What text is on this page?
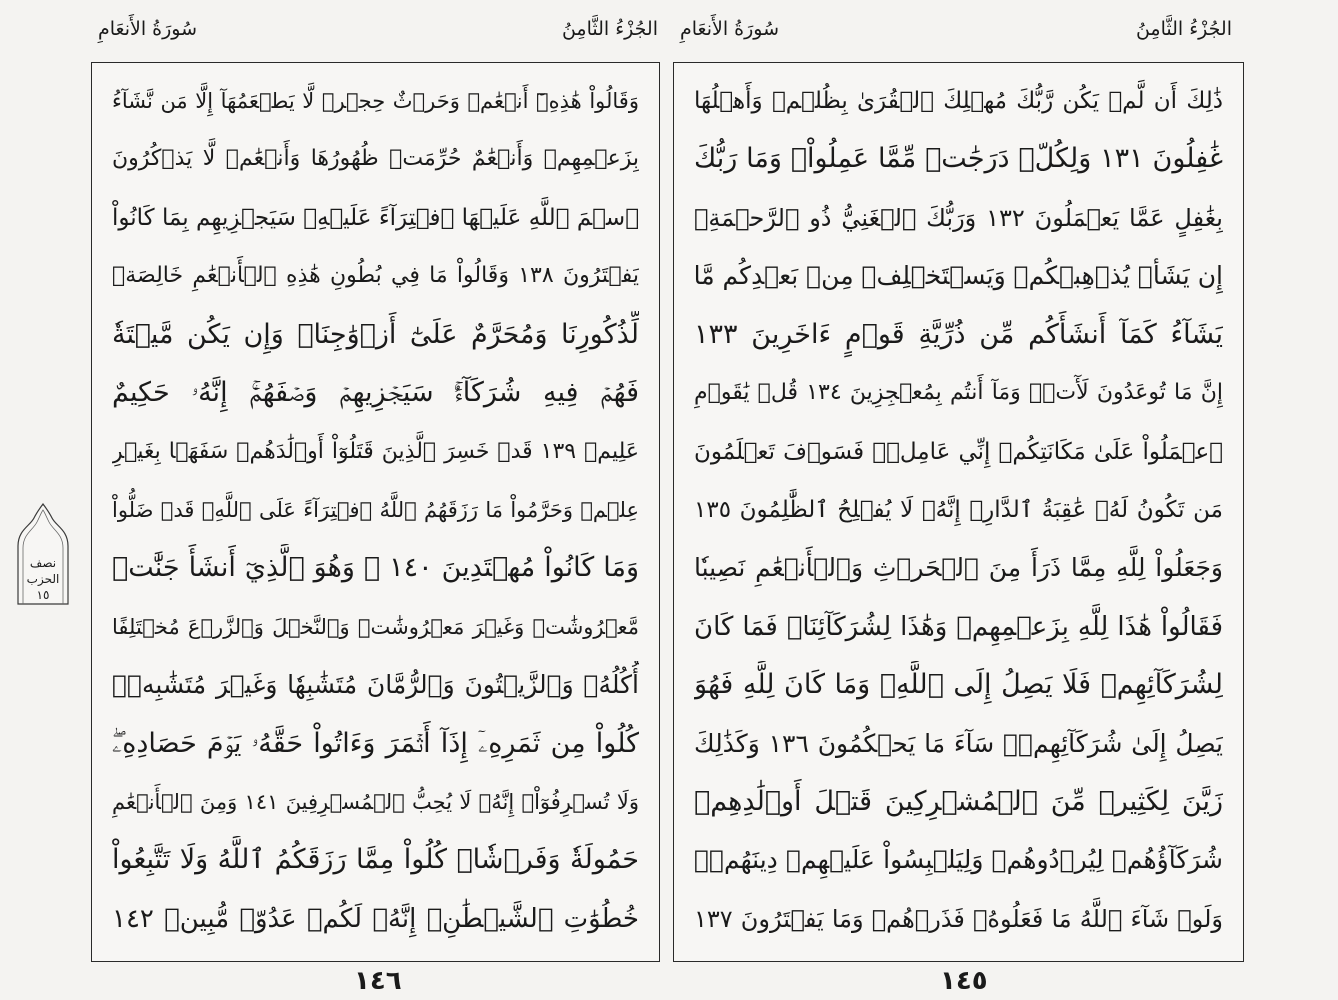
سُورَةُ الأَنعَامِ	الجُزْءُ الثَّامِنُ سُورَةُ الأَنعَامِ	الجُزْءُ الثَّامِنُ
وَقَالُواْ هَٰذِهِۦٓ أَنۡعَٰمٞ وَحَرۡثٌ حِجۡرٞ لَّا يَطۡعَمُهَآ إِلَّا مَن نَّشَآءُ
بِزَعۡمِهِمۡ وَأَنۡعَٰمٌ حُرِّمَتۡ ظُهُورُهَا وَأَنۡعَٰمٞ لَّا يَذۡكُرُونَ
ٱسۡمَ ٱللَّهِ عَلَيۡهَا ٱفۡتِرَآءً عَلَيۡهِۚ سَيَجۡزِيهِم بِمَا كَانُواْ
يَفۡتَرُونَ ١٣٨ وَقَالُواْ مَا فِي بُطُونِ هَٰذِهِ ٱلۡأَنۡعَٰمِ خَالِصَةٞ
لِّذُكُورِنَا وَمُحَرَّمٌ عَلَىٰٓ أَزۡوَٰجِنَاۖ وَإِن يَكُن مَّيۡتَةٗ
فَهُمۡ فِيهِ شُرَكَآءُۚ سَيَجۡزِيهِمۡ وَصۡفَهُمۡۚ إِنَّهُۥ حَكِيمٌ
عَلِيمٞ ١٣٩ قَدۡ خَسِرَ ٱلَّذِينَ قَتَلُوٓاْ أَوۡلَٰدَهُمۡ سَفَهَۢا بِغَيۡرِ
عِلۡمٖ وَحَرَّمُواْ مَا رَزَقَهُمُ ٱللَّهُ ٱفۡتِرَآءً عَلَى ٱللَّهِۚ قَدۡ ضَلُّواْ
وَمَا كَانُواْ مُهۡتَدِينَ ١٤٠ ۞ وَهُوَ ٱلَّذِيٓ أَنشَأَ جَنَّٰتٖ
مَّعۡرُوشَٰتٖ وَغَيۡرَ مَعۡرُوشَٰتٖ وَٱلنَّخۡلَ وَٱلزَّرۡعَ مُخۡتَلِفًا
أُكُلُهُۥ وَٱلزَّيۡتُونَ وَٱلرُّمَّانَ مُتَشَٰبِهٗا وَغَيۡرَ مُتَشَٰبِهٖۚ
كُلُواْ مِن ثَمَرِهِۦٓ إِذَآ أَثۡمَرَ وَءَاتُواْ حَقَّهُۥ يَوۡمَ حَصَادِهِۦۖ
وَلَا تُسۡرِفُوٓاْۚ إِنَّهُۥ لَا يُحِبُّ ٱلۡمُسۡرِفِينَ ١٤١ وَمِنَ ٱلۡأَنۡعَٰمِ
حَمُولَةٗ وَفَرۡشٗاۚ كُلُواْ مِمَّا رَزَقَكُمُ ٱللَّهُ وَلَا تَتَّبِعُواْ
خُطُوَٰتِ ٱلشَّيۡطَٰنِۚ إِنَّهُۥ لَكُمۡ عَدُوّٞ مُّبِينٞ ١٤٢
ذَٰلِكَ أَن لَّمۡ يَكُن رَّبُّكَ مُهۡلِكَ ٱلۡقُرَىٰ بِظُلۡمٖ وَأَهۡلُهَا
غَٰفِلُونَ ١٣١ وَلِكُلّٖ دَرَجَٰتٞ مِّمَّا عَمِلُواْۚ وَمَا رَبُّكَ
بِغَٰفِلٍ عَمَّا يَعۡمَلُونَ ١٣٢ وَرَبُّكَ ٱلۡغَنِيُّ ذُو ٱلرَّحۡمَةِۚ
إِن يَشَأۡ يُذۡهِبۡكُمۡ وَيَسۡتَخۡلِفۡ مِنۢ بَعۡدِكُم مَّا
يَشَآءُ كَمَآ أَنشَأَكُم مِّن ذُرِّيَّةِ قَوۡمٍ ءَاخَرِينَ ١٣٣
إِنَّ مَا تُوعَدُونَ لَأٓتٖۖ وَمَآ أَنتُم بِمُعۡجِزِينَ ١٣٤ قُلۡ يَٰقَوۡمِ
ٱعۡمَلُواْ عَلَىٰ مَكَانَتِكُمۡ إِنِّي عَامِلٞۖ فَسَوۡفَ تَعۡلَمُونَ
مَن تَكُونُ لَهُۥ عَٰقِبَةُ ٱلدَّارِۚ إِنَّهُۥ لَا يُفۡلِحُ ٱلظَّٰلِمُونَ ١٣٥
وَجَعَلُواْ لِلَّهِ مِمَّا ذَرَأَ مِنَ ٱلۡحَرۡثِ وَٱلۡأَنۡعَٰمِ نَصِيبٗا
فَقَالُواْ هَٰذَا لِلَّهِ بِزَعۡمِهِمۡ وَهَٰذَا لِشُرَكَآئِنَاۖ فَمَا كَانَ
لِشُرَكَآئِهِمۡ فَلَا يَصِلُ إِلَى ٱللَّهِۖ وَمَا كَانَ لِلَّهِ فَهُوَ
يَصِلُ إِلَىٰ شُرَكَآئِهِمۡۗ سَآءَ مَا يَحۡكُمُونَ ١٣٦ وَكَذَٰلِكَ
زَيَّنَ لِكَثِيرٖ مِّنَ ٱلۡمُشۡرِكِينَ قَتۡلَ أَوۡلَٰدِهِمۡ
شُرَكَآؤُهُمۡ لِيُرۡدُوهُمۡ وَلِيَلۡبِسُواْ عَلَيۡهِمۡ دِينَهُمۡۖ
وَلَوۡ شَآءَ ٱللَّهُ مَا فَعَلُوهُۖ فَذَرۡهُمۡ وَمَا يَفۡتَرُونَ ١٣٧
نصف
الحزب
١٥
١٤٦	١٤٥
